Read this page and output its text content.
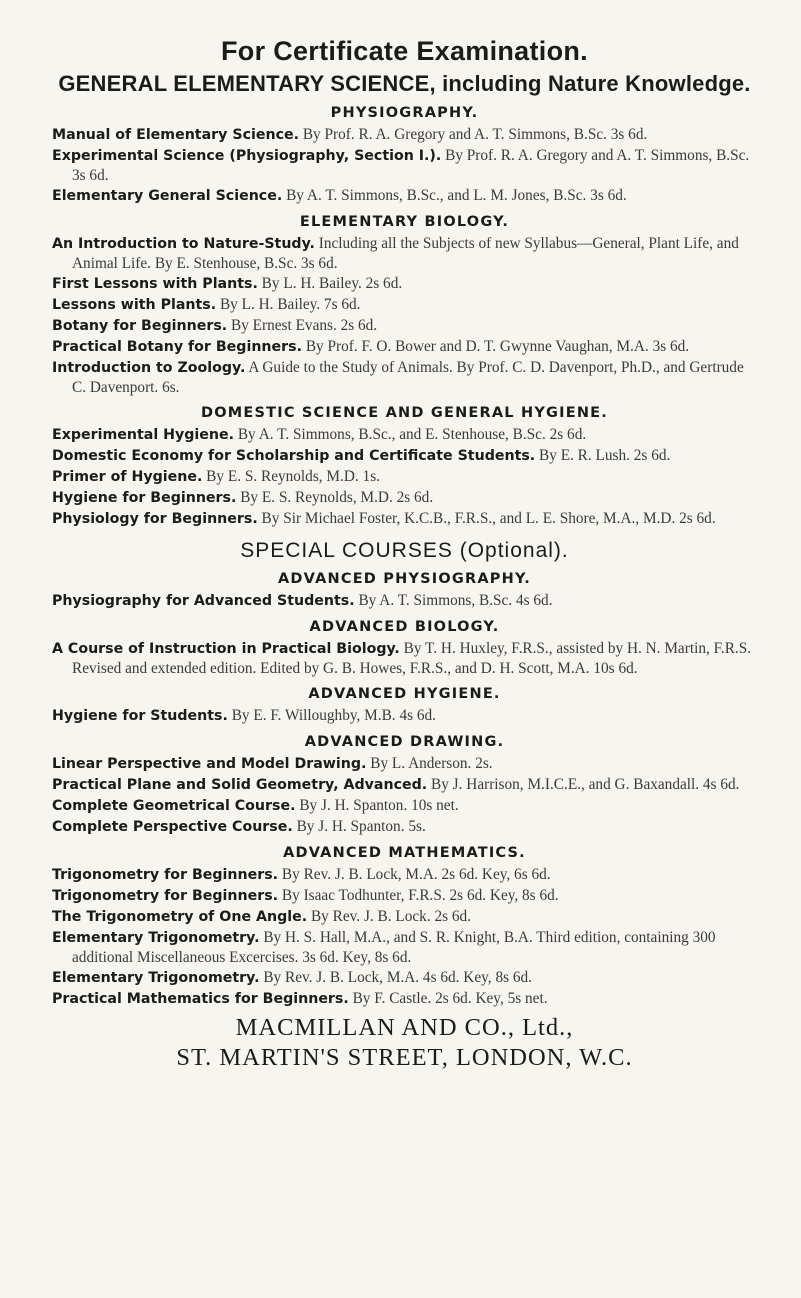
For Certificate Examination.
GENERAL ELEMENTARY SCIENCE, including Nature Knowledge.
PHYSIOGRAPHY.
Manual of Elementary Science. By Prof. R. A. Gregory and A. T. Simmons, B.Sc. 3s 6d.
Experimental Science (Physiography, Section I.). By Prof. R. A. Gregory and A. T. Simmons, B.Sc. 3s 6d.
Elementary General Science. By A. T. Simmons, B.Sc., and L. M. Jones, B.Sc. 3s 6d.
ELEMENTARY BIOLOGY.
An Introduction to Nature-Study. Including all the Subjects of new Syllabus—General, Plant Life, and Animal Life. By E. Stenhouse, B.Sc. 3s 6d.
First Lessons with Plants. By L. H. Bailey. 2s 6d.
Lessons with Plants. By L. H. Bailey. 7s 6d.
Botany for Beginners. By Ernest Evans. 2s 6d.
Practical Botany for Beginners. By Prof. F. O. Bower and D. T. Gwynne Vaughan, M.A. 3s 6d.
Introduction to Zoology. A Guide to the Study of Animals. By Prof. C. D. Davenport, Ph.D., and Gertrude C. Davenport. 6s.
DOMESTIC SCIENCE AND GENERAL HYGIENE.
Experimental Hygiene. By A. T. Simmons, B.Sc., and E. Stenhouse, B.Sc. 2s 6d.
Domestic Economy for Scholarship and Certificate Students. By E. R. Lush. 2s 6d.
Primer of Hygiene. By E. S. Reynolds, M.D. 1s.
Hygiene for Beginners. By E. S. Reynolds, M.D. 2s 6d.
Physiology for Beginners. By Sir Michael Foster, K.C.B., F.R.S., and L. E. Shore, M.A., M.D. 2s 6d.
SPECIAL COURSES (Optional).
ADVANCED PHYSIOGRAPHY.
Physiography for Advanced Students. By A. T. Simmons, B.Sc. 4s 6d.
ADVANCED BIOLOGY.
A Course of Instruction in Practical Biology. By T. H. Huxley, F.R.S., assisted by H. N. Martin, F.R.S. Revised and extended edition. Edited by G. B. Howes, F.R.S., and D. H. Scott, M.A. 10s 6d.
ADVANCED HYGIENE.
Hygiene for Students. By E. F. Willoughby, M.B. 4s 6d.
ADVANCED DRAWING.
Linear Perspective and Model Drawing. By L. Anderson. 2s.
Practical Plane and Solid Geometry, Advanced. By J. Harrison, M.I.C.E., and G. Baxandall. 4s 6d.
Complete Geometrical Course. By J. H. Spanton. 10s net.
Complete Perspective Course. By J. H. Spanton. 5s.
ADVANCED MATHEMATICS.
Trigonometry for Beginners. By Rev. J. B. Lock, M.A. 2s 6d. Key, 6s 6d.
Trigonometry for Beginners. By Isaac Todhunter, F.R.S. 2s 6d. Key, 8s 6d.
The Trigonometry of One Angle. By Rev. J. B. Lock. 2s 6d.
Elementary Trigonometry. By H. S. Hall, M.A., and S. R. Knight, B.A. Third edition, containing 300 additional Miscellaneous Excercises. 3s 6d. Key, 8s 6d.
Elementary Trigonometry. By Rev. J. B. Lock, M.A. 4s 6d. Key, 8s 6d.
Practical Mathematics for Beginners. By F. Castle. 2s 6d. Key, 5s net.
MACMILLAN AND CO., Ltd.,
ST. MARTIN'S STREET, LONDON, W.C.
